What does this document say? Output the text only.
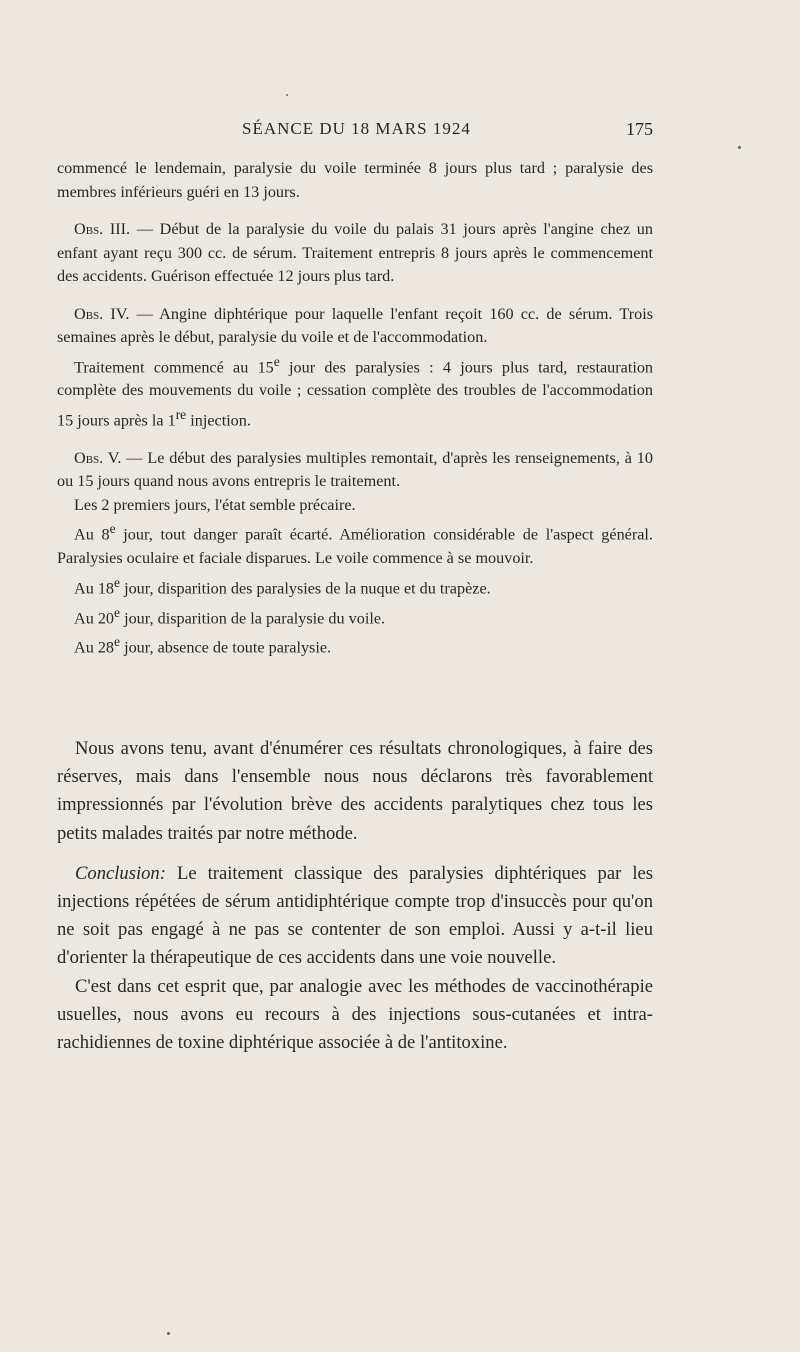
SÉANCE DU 18 MARS 1924	175

commencé le lendemain, paralysie du voile terminée 8 jours plus tard ; paralysie des membres inférieurs guéri en 13 jours.

Obs. III. — Début de la paralysie du voile du palais 31 jours après l'angine chez un enfant ayant reçu 300 cc. de sérum. Traitement entrepris 8 jours après le commencement des accidents. Guérison effectuée 12 jours plus tard.

Obs. IV. — Angine diphtérique pour laquelle l'enfant reçoit 160 cc. de sérum. Trois semaines après le début, paralysie du voile et de l'accommodation.

Traitement commencé au 15e jour des paralysies : 4 jours plus tard, restauration complète des mouvements du voile ; cessation complète des troubles de l'accommodation 15 jours après la 1re injection.

Obs. V. — Le début des paralysies multiples remontait, d'après les renseignements, à 10 ou 15 jours quand nous avons entrepris le traitement.

Les 2 premiers jours, l'état semble précaire.

Au 8e jour, tout danger paraît écarté. Amélioration considérable de l'aspect général. Paralysies oculaire et faciale disparues. Le voile commence à se mouvoir.

Au 18e jour, disparition des paralysies de la nuque et du trapèze.

Au 20e jour, disparition de la paralysie du voile.

Au 28e jour, absence de toute paralysie.

Nous avons tenu, avant d'énumérer ces résultats chronologiques, à faire des réserves, mais dans l'ensemble nous nous déclarons très favorablement impressionnés par l'évolution brève des accidents paralytiques chez tous les petits malades traités par notre méthode.

Conclusion: Le traitement classique des paralysies diphtériques par les injections répétées de sérum antidiphtérique compte trop d'insuccès pour qu'on ne soit pas engagé à ne pas se contenter de son emploi. Aussi y a-t-il lieu d'orienter la thérapeutique de ces accidents dans une voie nouvelle.

C'est dans cet esprit que, par analogie avec les méthodes de vaccinothérapie usuelles, nous avons eu recours à des injections sous-cutanées et intra-rachidiennes de toxine diphtérique associée à de l'antitoxine.
